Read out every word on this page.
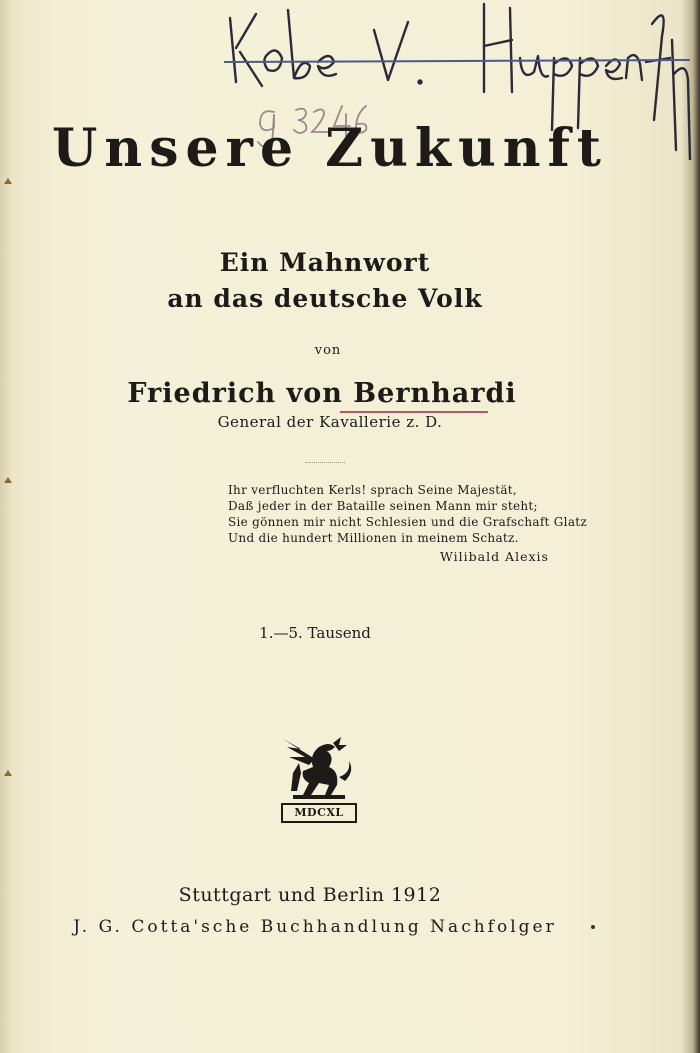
Unsere Zukunft
Ein Mahnwort
an das deutsche Volk
von
Friedrich von Bernhardi
General der Kavallerie z. D.
Ihr verfluchten Kerls! sprach Seine Majestät,
Daß jeder in der Bataille seinen Mann mir steht;
Sie gönnen mir nicht Schlesien und die Grafschaft Glatz
Und die hundert Millionen in meinem Schatz.
Wilibald Alexis
1.—5. Tausend
MDCXL
Stuttgart und Berlin 1912
J. G. Cotta'sche Buchhandlung Nachfolger
